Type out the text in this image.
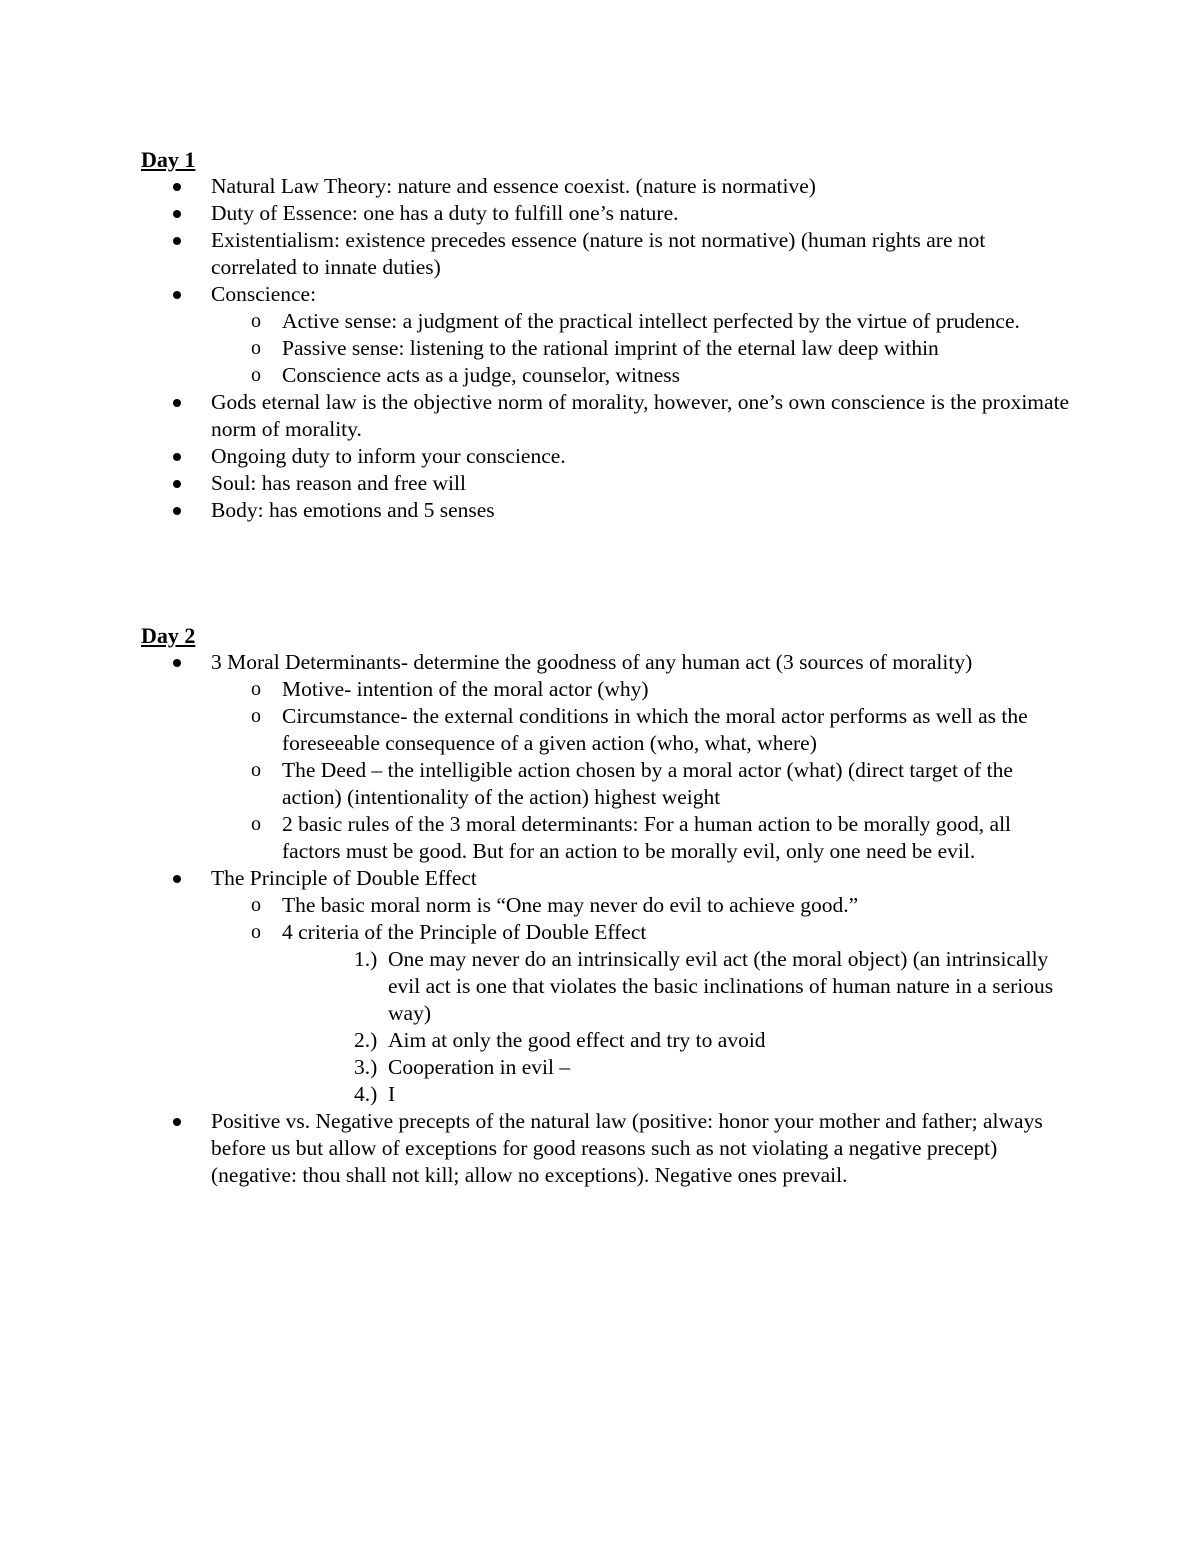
Day 1
Natural Law Theory: nature and essence coexist. (nature is normative)
Duty of Essence: one has a duty to fulfill one’s nature.
Existentialism: existence precedes essence (nature is not normative) (human rights are not correlated to innate duties)
Conscience:
o Active sense: a judgment of the practical intellect perfected by the virtue of prudence.
o Passive sense: listening to the rational imprint of the eternal law deep within
o Conscience acts as a judge, counselor, witness
Gods eternal law is the objective norm of morality, however, one’s own conscience is the proximate norm of morality.
Ongoing duty to inform your conscience.
Soul: has reason and free will
Body: has emotions and 5 senses
Day 2
3 Moral Determinants- determine the goodness of any human act (3 sources of morality)
o Motive- intention of the moral actor (why)
o Circumstance- the external conditions in which the moral actor performs as well as the foreseeable consequence of a given action (who, what, where)
o The Deed – the intelligible action chosen by a moral actor (what) (direct target of the action) (intentionality of the action) highest weight
o 2 basic rules of the 3 moral determinants: For a human action to be morally good, all factors must be good. But for an action to be morally evil, only one need be evil.
The Principle of Double Effect
o The basic moral norm is “One may never do evil to achieve good.”
o 4 criteria of the Principle of Double Effect
1.) One may never do an intrinsically evil act (the moral object) (an intrinsically evil act is one that violates the basic inclinations of human nature in a serious way)
2.) Aim at only the good effect and try to avoid
3.) Cooperation in evil –
4.) I
Positive vs. Negative precepts of the natural law (positive: honor your mother and father; always before us but allow of exceptions for good reasons such as not violating a negative precept) (negative: thou shall not kill; allow no exceptions). Negative ones prevail.
